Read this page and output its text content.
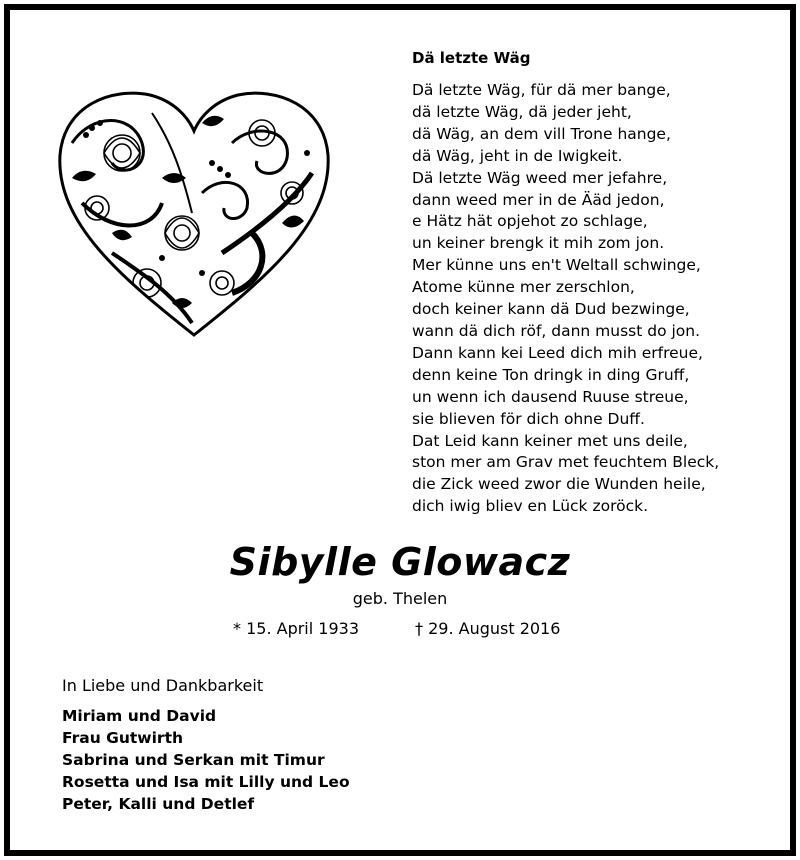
Dä letzte Wäg
Dä letzte Wäg, für dä mer bange,
dä letzte Wäg, dä jeder jeht,
dä Wäg, an dem vill Trone hange,
dä Wäg, jeht in de Iwigkeit.
Dä letzte Wäg weed mer jefahre,
dann weed mer in de Ääd jedon,
e Hätz hät opjehot zo schlage,
un keiner brengk it mih zom jon.
Mer künne uns en't Weltall schwinge,
Atome künne mer zerschlon,
doch keiner kann dä Dud bezwinge,
wann dä dich röf, dann musst do jon.
Dann kann kei Leed dich mih erfreue,
denn keine Ton dringk in ding Gruff,
un wenn ich dausend Ruuse streue,
sie blieven för dich ohne Duff.
Dat Leid kann keiner met uns deile,
ston mer am Grav met feuchtem Bleck,
die Zick weed zwor die Wunden heile,
dich iwig bliev en Lück zoröck.
Sibylle Glowacz
geb. Thelen
* 15. April 1933	† 29. August 2016
In Liebe und Dankbarkeit
Miriam und David
Frau Gutwirth
Sabrina und Serkan mit Timur
Rosetta und Isa mit Lilly und Leo
Peter, Kalli und Detlef
